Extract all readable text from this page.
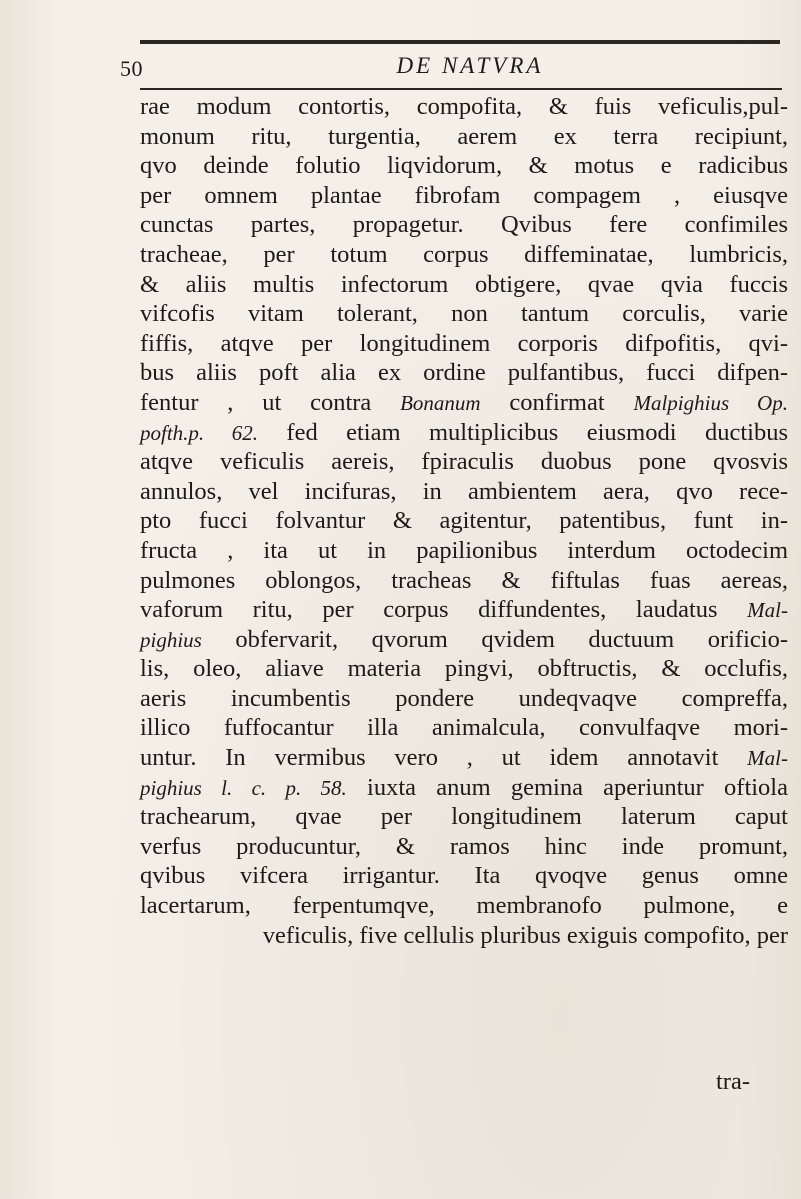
50	DE NATVRA
rae modum contortis, compofita, & fuis veficulis,pul-
monum ritu, turgentia, aerem ex terra recipiunt,
qvo deinde folutio liqvidorum, & motus e radicibus
per omnem plantae fibrofam compagem , eiusqve
cunctas partes, propagetur. Qvibus fere confimiles
tracheae, per totum corpus diffeminatae, lumbricis,
& aliis multis infectorum obtigere, qvae qvia fuccis
vifcofis vitam tolerant, non tantum corculis, varie
fiffis, atqve per longitudinem corporis difpofitis, qvi-
bus aliis poft alia ex ordine pulfantibus, fucci difpen-
fentur , ut contra Bonanum confirmat Malpighius Op.
pofth.p. 62. fed etiam multiplicibus eiusmodi ductibus
atqve veficulis aereis, fpiraculis duobus pone qvosvis
annulos, vel incifuras, in ambientem aera, qvo rece-
pto fucci folvantur & agitentur, patentibus, funt in-
fructa , ita ut in papilionibus interdum octodecim
pulmones oblongos, tracheas & fiftulas fuas aereas,
vaforum ritu, per corpus diffundentes, laudatus Mal-
pighius obfervarit, qvorum qvidem ductuum orificio-
lis, oleo, aliave materia pingvi, obftructis, & occlufis,
aeris incumbentis pondere undeqvaqve compreffa,
illico fuffocantur illa animalcula, convulfaqve mori-
untur. In vermibus vero , ut idem annotavit Mal-
pighius l. c. p. 58. iuxta anum gemina aperiuntur oftiola
trachearum, qvae per longitudinem laterum caput
verfus producuntur, & ramos hinc inde promunt,
qvibus vifcera irrigantur. Ita qvoqve genus omne
lacertarum, ferpentumqve, membranofo pulmone, e
veficulis, five cellulis pluribus exiguis compofito, per
tra-
